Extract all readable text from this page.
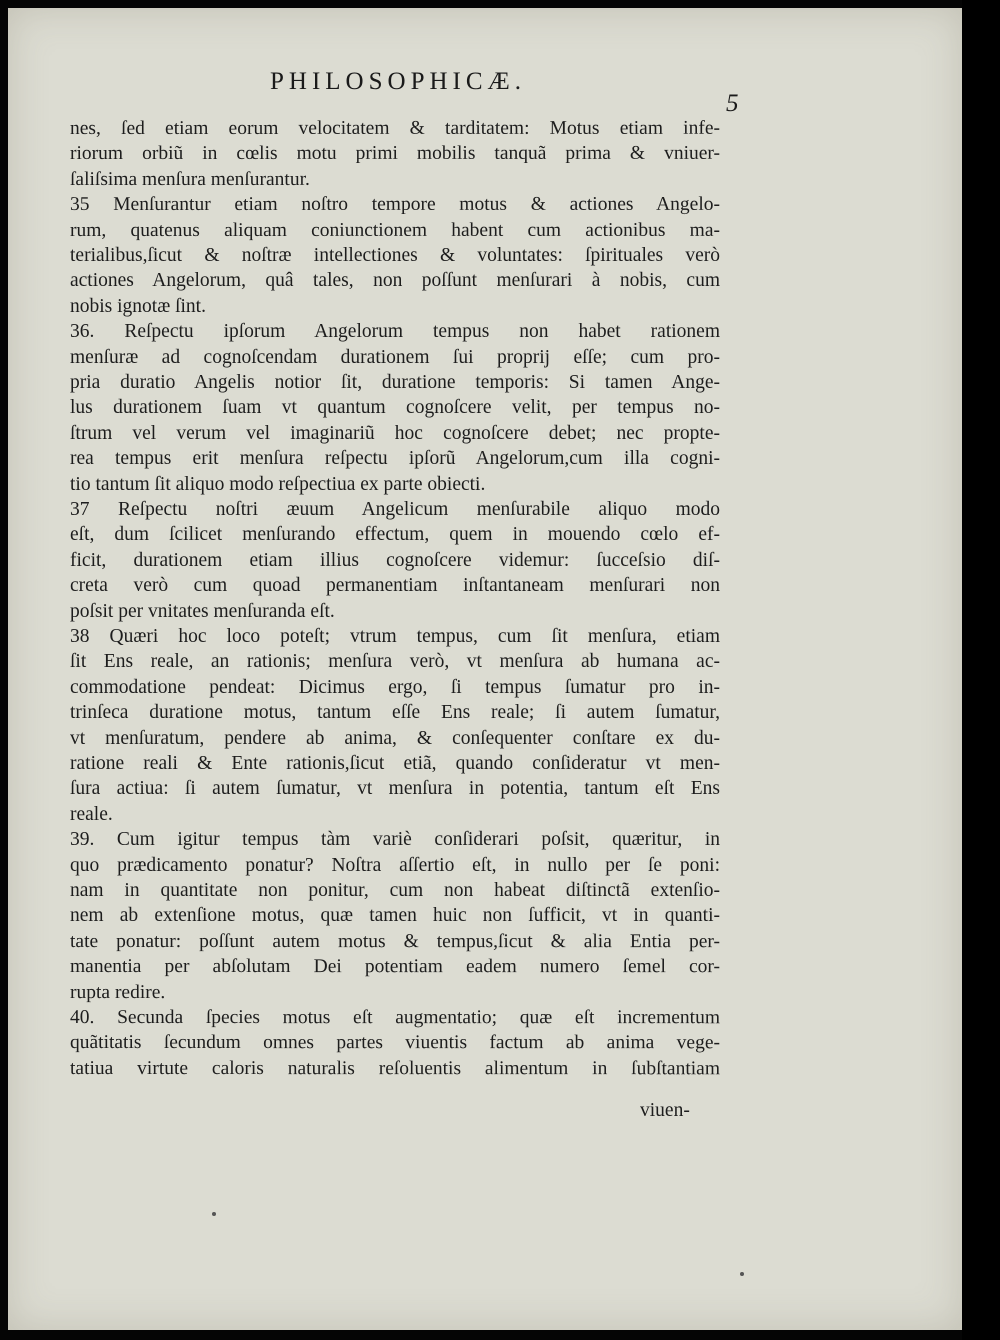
PHILOSOPHICÆ.
5
nes, ſed etiam eorum velocitatem & tarditatem: Motus etiam infe-
riorum orbiũ in cœlis motu primi mobilis tanquã prima & vniuer-
ſaliſsima menſura menſurantur.
35 Menſurantur etiam noſtro tempore motus & actiones Angelo-
rum, quatenus aliquam coniunctionem habent cum actionibus ma-
terialibus,ſicut & noſtræ intellectiones & voluntates: ſpirituales verò
actiones Angelorum, quâ tales, non poſſunt menſurari à nobis, cum
nobis ignotæ ſint.
36. Reſpectu ipſorum Angelorum tempus non habet rationem
menſuræ ad cognoſcendam durationem ſui proprij eſſe; cum pro-
pria duratio Angelis notior ſit, duratione temporis: Si tamen Ange-
lus durationem ſuam vt quantum cognoſcere velit, per tempus no-
ſtrum vel verum vel imaginariũ hoc cognoſcere debet; nec propte-
rea tempus erit menſura reſpectu ipſorũ Angelorum,cum illa cogni-
tio tantum ſit aliquo modo reſpectiua ex parte obiecti.
37 Reſpectu noſtri æuum Angelicum menſurabile aliquo modo
eſt, dum ſcilicet menſurando effectum, quem in mouendo cœlo ef-
ficit, durationem etiam illius cognoſcere videmur: ſucceſsio diſ-
creta verò cum quoad permanentiam inſtantaneam menſurari non
poſsit per vnitates menſuranda eſt.
38 Quæri hoc loco poteſt; vtrum tempus, cum ſit menſura, etiam
ſit Ens reale, an rationis; menſura verò, vt menſura ab humana ac-
commodatione pendeat: Dicimus ergo, ſi tempus ſumatur pro in-
trinſeca duratione motus, tantum eſſe Ens reale; ſi autem ſumatur,
vt menſuratum, pendere ab anima, & conſequenter conſtare ex du-
ratione reali & Ente rationis,ſicut etiã, quando conſideratur vt men-
ſura actiua: ſi autem ſumatur, vt menſura in potentia, tantum eſt Ens
reale.
39. Cum igitur tempus tàm variè conſiderari poſsit, quæritur, in
quo prædicamento ponatur? Noſtra aſſertio eſt, in nullo per ſe poni:
nam in quantitate non ponitur, cum non habeat diſtinctã extenſio-
nem ab extenſione motus, quæ tamen huic non ſufficit, vt in quanti-
tate ponatur: poſſunt autem motus & tempus,ſicut & alia Entia per-
manentia per abſolutam Dei potentiam eadem numero ſemel cor-
rupta redire.
40. Secunda ſpecies motus eſt augmentatio; quæ eſt incrementum
quãtitatis ſecundum omnes partes viuentis factum ab anima vege-
tatiua virtute caloris naturalis reſoluentis alimentum in ſubſtantiam
viuen-
